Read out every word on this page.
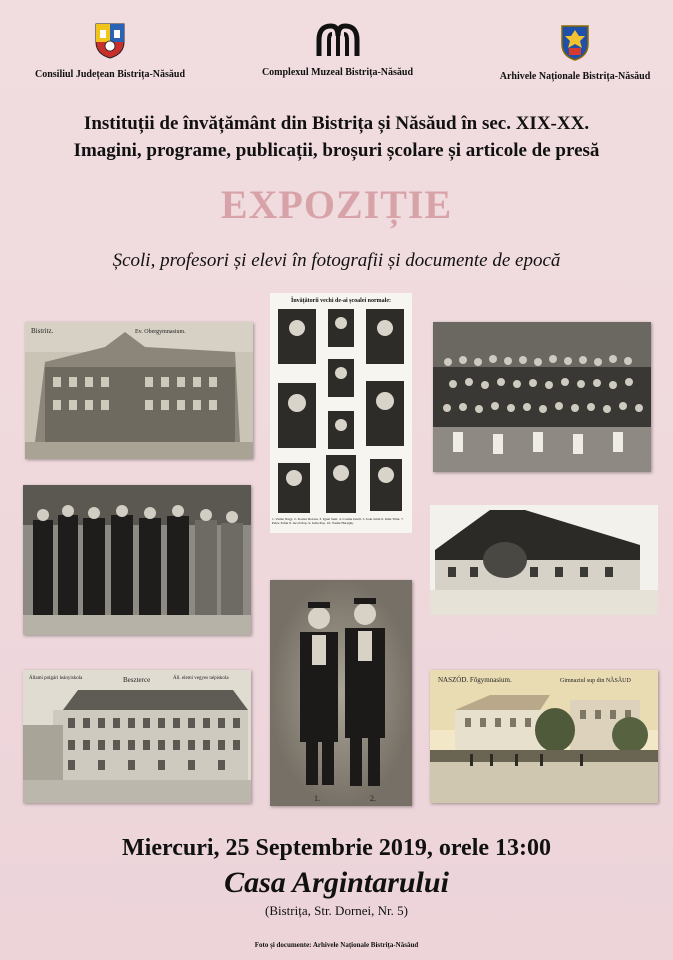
Consiliul Județean Bistrița-Năsăud	Complexul Muzeal Bistrița-Năsăud	Arhivele Naționale Bistrița-Năsăud
Instituții de învățământ din Bistrița și Năsăud în sec. XIX-XX.
Imagini, programe, publicații, broșuri școlare și articole de presă
EXPOZIȚIE
Școli, profesori și elevi în fotografii și documente de epocă
Bistritz.	Ev. Obergymnasium.
Învățătorii vechi de-ai școalei normale:
1. Vasile Nagy. 2. Teodor Rotaru. 3. Ignat Seni. 4. Cosma Jancă. 5. Ioan Jelda 6. Iuliu Tătar. 7. Petru Tofan 8. Iacob Pop. 9. Iuliu Pop. 10. Vasile Haragăș.
1.	2.
Állami polgári leányiskola	Beszterce	Áll. elemi vegyes népiskola	NASZÓD. Főgymnasium.	Gimnaziul sup din NĂSĂUD
Miercuri, 25 Septembrie 2019, orele 13:00
Casa Argintarului
(Bistrița, Str. Dornei, Nr. 5)
Foto și documente: Arhivele Naționale Bistrița-Năsăud
